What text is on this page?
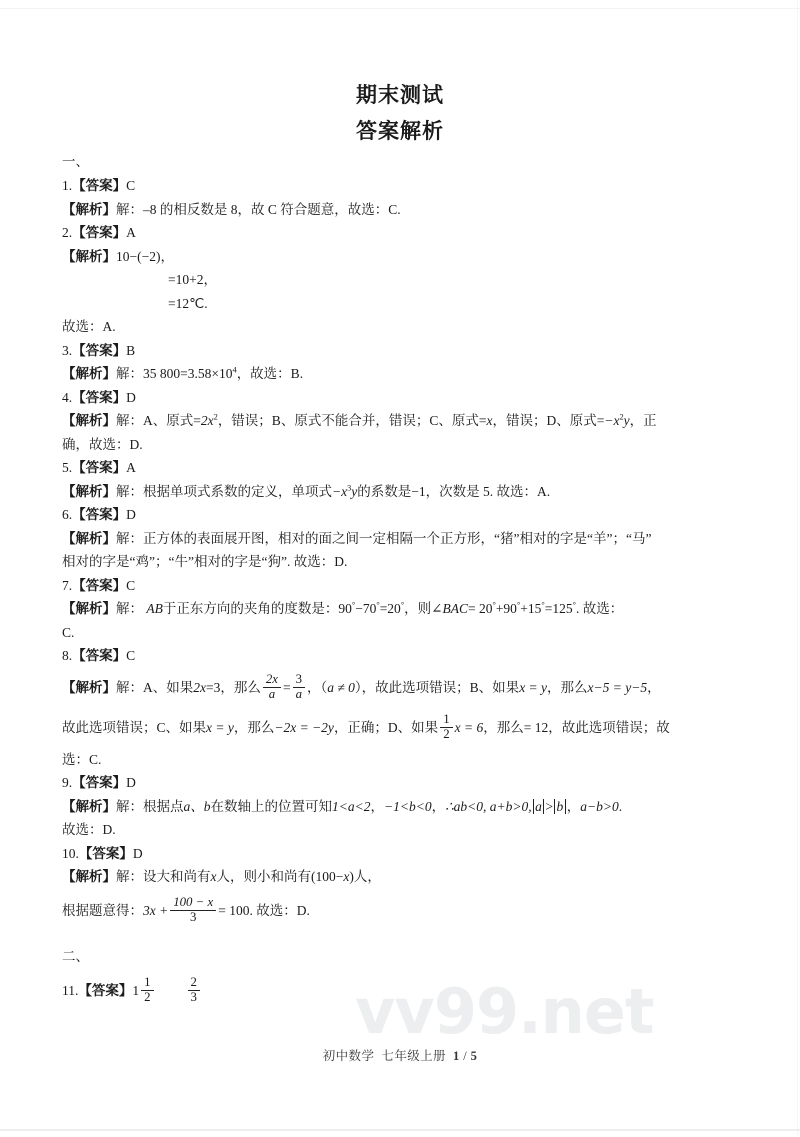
vv99.net
期末测试
答案解析
一、
1.【答案】C
【解析】解：–8 的相反数是 8，故 C 符合题意，故选：C.
2.【答案】A
【解析】10−(−2)，
=10+2，
=12℃.
故选：A.
3.【答案】B
【解析】解：35 $800=3.58\times 10^4$，故选：B.
4.【答案】D
【解析】解：A、原式$=2x^2$，错误；B、原式不能合并，错误；C、原式=x，错误；D、原式$=-x^2y$，正
确，故选：D.
5.【答案】A
【解析】解：根据单项式系数的定义，单项式$-x^3y$的系数是−1，次数是 5. 故选：A.
6.【答案】D
【解析】解：正方体的表面展开图，相对的面之间一定相隔一个正方形，“猪”相对的字是“羊”；“马”
相对的字是“鸡”；“牛”相对的字是“狗”. 故选：D.
7.【答案】C
【解析】解： AB于正东方向的夹角的度数是：90°−70°=20°，则∠BAC= 20°+90°+15°=125°. 故选：
C.
8.【答案】C
【解析】解：A、如果2x=3，那么 $\frac{2x}{a} = \frac{3}{a}$ ，（a ≠ 0），故此选项错误；B、如果x = y，那么x−5 = y−5，
故此选项错误；C、如果x = y，那么−2x = −2y，正确；D、如果 $\frac{1}{2}$ x = 6，那么= 12，故此选项错误；故
选：C.
9.【答案】D
【解析】解：根据点a、b在数轴上的位置可知1<a<2，−1<b<0，∴ab<0, a+b>0, a > b ，a−b>0.
故选：D.
10.【答案】D
【解析】解：设大和尚有x人，则小和尚有(100−x)人，
根据题意得：$3x + \frac{100 - x}{3} = 100$. 故选：D.
二、
11.【答案】$1 \frac{1}{2}$	$\frac{2}{3}$
初中数学 七年级上册 1 / 5
